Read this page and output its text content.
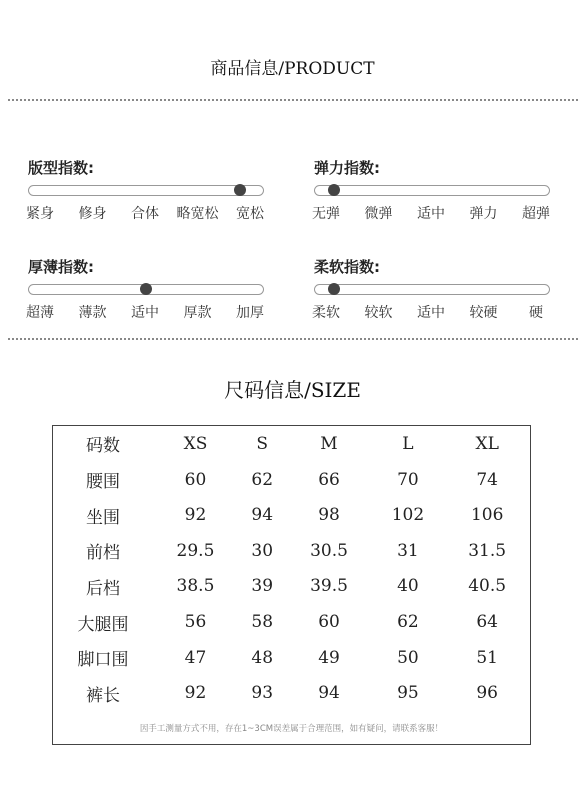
商品信息/PRODUCT
版型指数:
紧身 修身 合体 略宽松 宽松
弹力指数:
无弹 微弹 适中 弹力 超弹
厚薄指数:
超薄 薄款 适中 厚款 加厚
柔软指数:
柔软 较软 适中 较硬 硬
尺码信息/SIZE
码数	XS	S	M	L	XL
腰围	60	62	66	70	74
坐围	92	94	98	102	106
前档	29.5	30	30.5	31	31.5
后档	38.5	39	39.5	40	40.5
大腿围	56	58	60	62	64
脚口围	47	48	49	50	51
裤长	92	93	94	95	96
因手工测量方式不用，存在1~3CM误差属于合理范围，如有疑问，请联系客服！					
